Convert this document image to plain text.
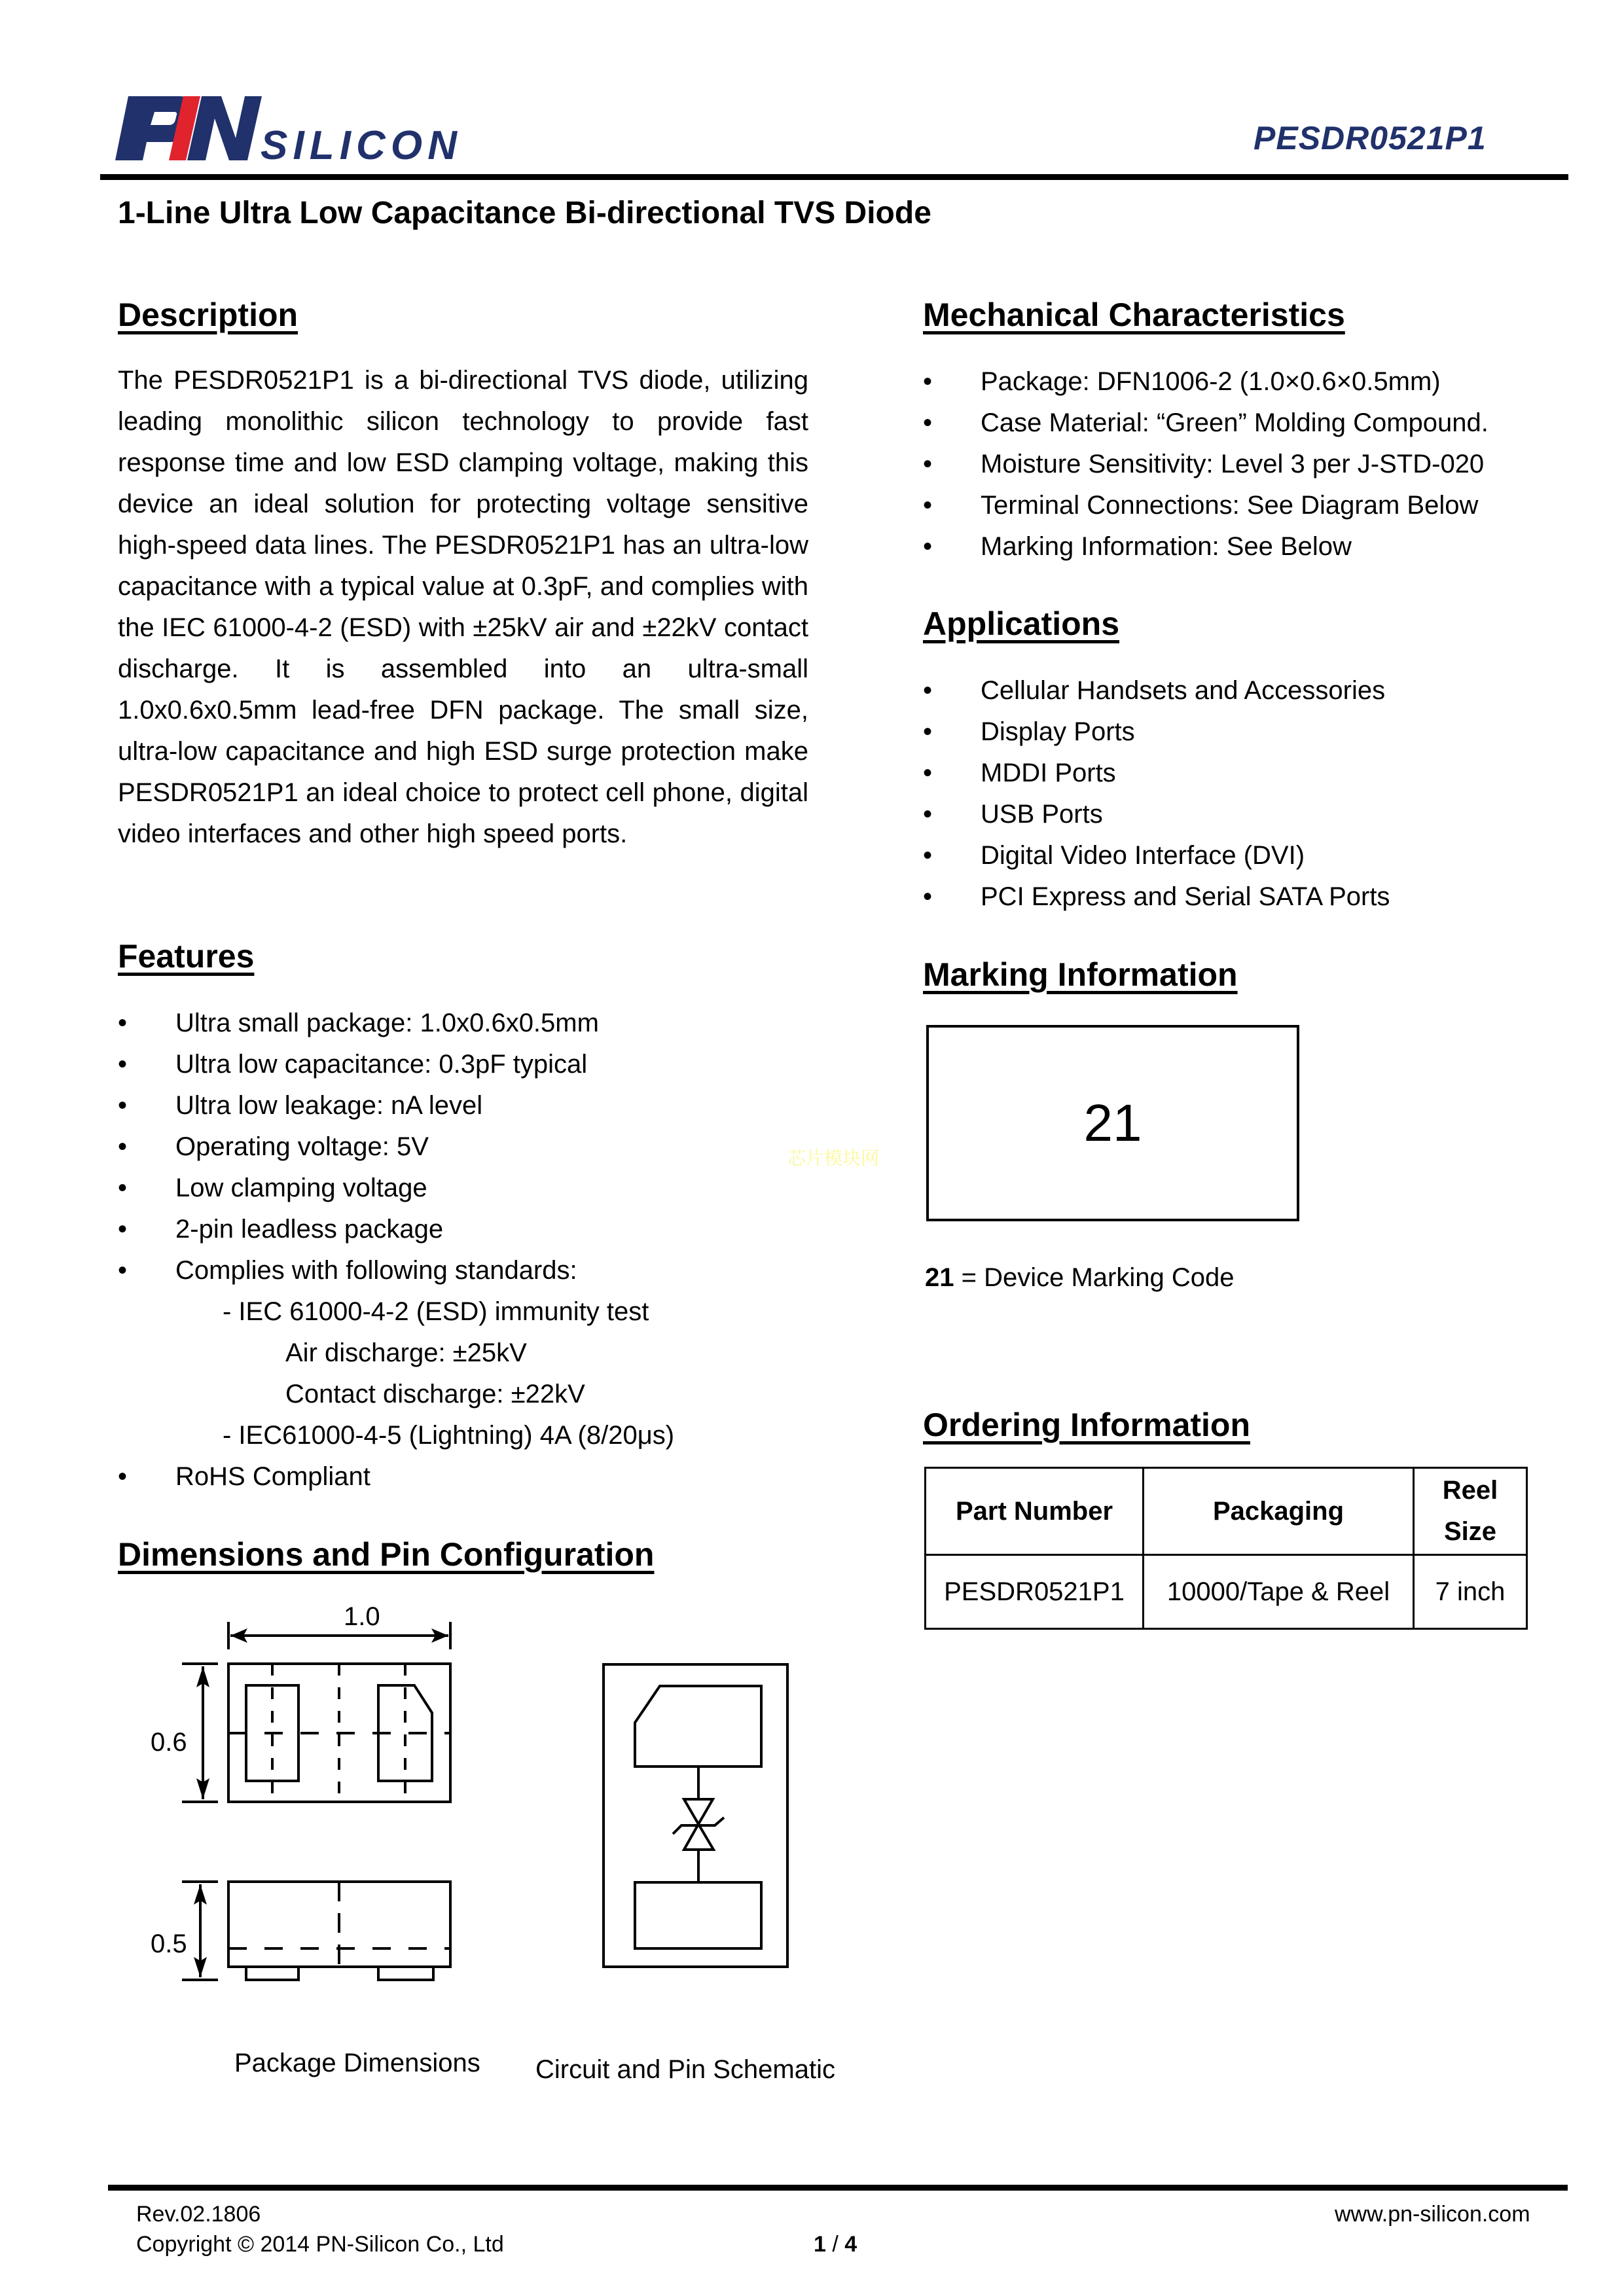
SILICON	PESDR0521P1
1-Line Ultra Low Capacitance Bi-directional TVS Diode
Description
The PESDR0521P1 is a bi-directional TVS diode, utilizing leading monolithic silicon technology to provide fast response time and low ESD clamping voltage, making this device an ideal solution for protecting voltage sensitive high-speed data lines. The PESDR0521P1 has an ultra-low capacitance with a typical value at 0.3pF, and complies with the IEC 61000-4-2 (ESD) with ±25kV air and ±22kV contact discharge. It is assembled into an ultra-small 1.0x0.6x0.5mm lead-free DFN package. The small size, ultra-low capacitance and high ESD surge protection make PESDR0521P1 an ideal choice to protect cell phone, digital video interfaces and other high speed ports.
Features
• Ultra small package: 1.0x0.6x0.5mm
• Ultra low capacitance: 0.3pF typical
• Ultra low leakage: nA level
• Operating voltage: 5V
• Low clamping voltage
• 2-pin leadless package
• Complies with following standards:
- IEC 61000-4-2 (ESD) immunity test
Air discharge: ±25kV
Contact discharge: ±22kV
- IEC61000-4-5 (Lightning) 4A (8/20μs)
• RoHS Compliant
芯片模块网
Dimensions and Pin Configuration
1.0
0.6
0.5
Package Dimensions Circuit and Pin Schematic
Mechanical Characteristics
• Package: DFN1006-2 (1.0×0.6×0.5mm)
• Case Material: “Green” Molding Compound.
• Moisture Sensitivity: Level 3 per J-STD-020
• Terminal Connections: See Diagram Below
• Marking Information: See Below
Applications
• Cellular Handsets and Accessories
• Display Ports
• MDDI Ports
• USB Ports
• Digital Video Interface (DVI)
• PCI Express and Serial SATA Ports
Marking Information
21
21 = Device Marking Code
Ordering Information
Part Number	Packaging	Reel Size
PESDR0521P1	10000/Tape & Reel	7 inch
Rev.02.1806
Copyright © 2014 PN-Silicon Co., Ltd	1 / 4
www.pn-silicon.com
